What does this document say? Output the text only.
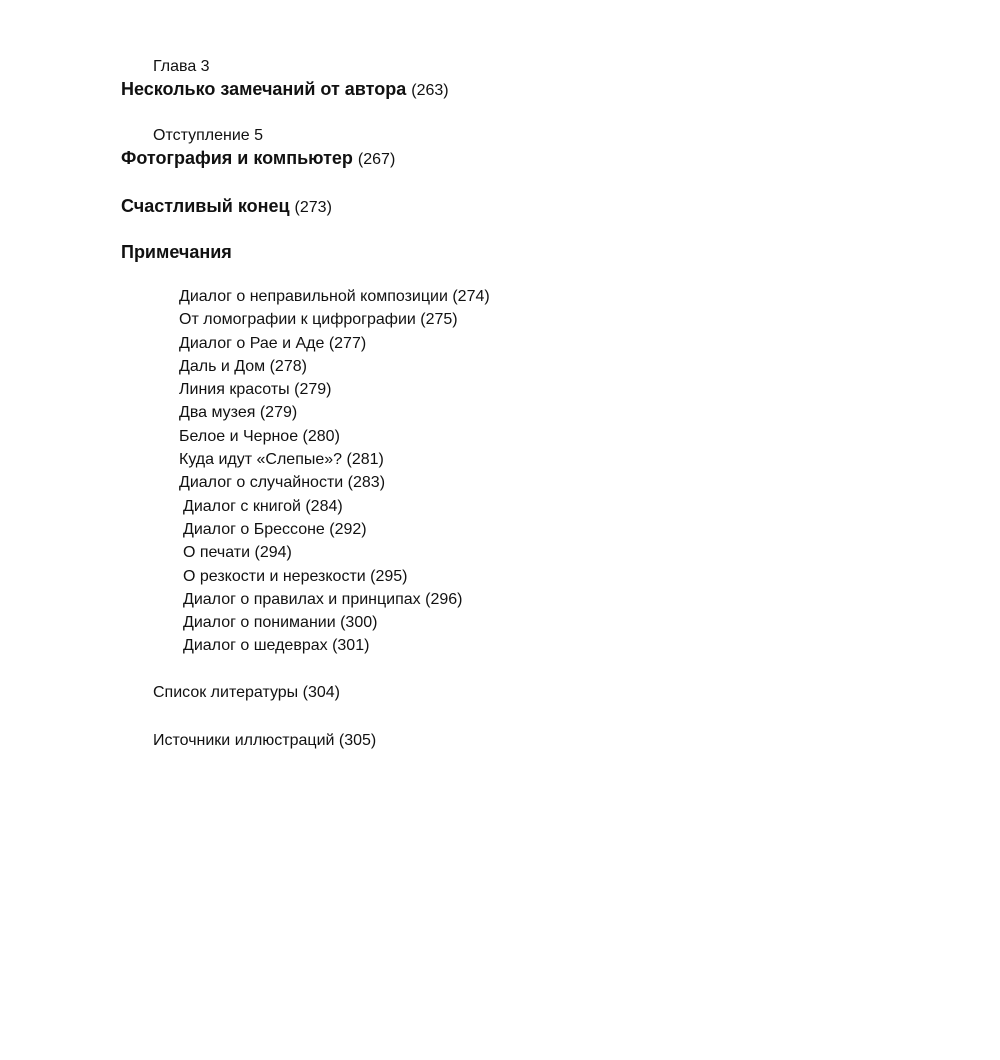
Глава 3
Несколько замечаний от автора (263)
Отступление 5
Фотография и компьютер (267)
Счастливый конец (273)
Примечания
Диалог о неправильной композиции (274)
От ломографии к цифрографии (275)
Диалог о Рае и Аде (277)
Даль и Дом (278)
Линия красоты (279)
Два музея (279)
Белое и Черное (280)
Куда идут «Слепые»? (281)
Диалог о случайности (283)
Диалог с книгой (284)
Диалог о Брессоне (292)
О печати (294)
О резкости и нерезкости (295)
Диалог о правилах и принципах (296)
Диалог о понимании (300)
Диалог о шедеврах (301)
Список литературы (304)
Источники иллюстраций (305)
